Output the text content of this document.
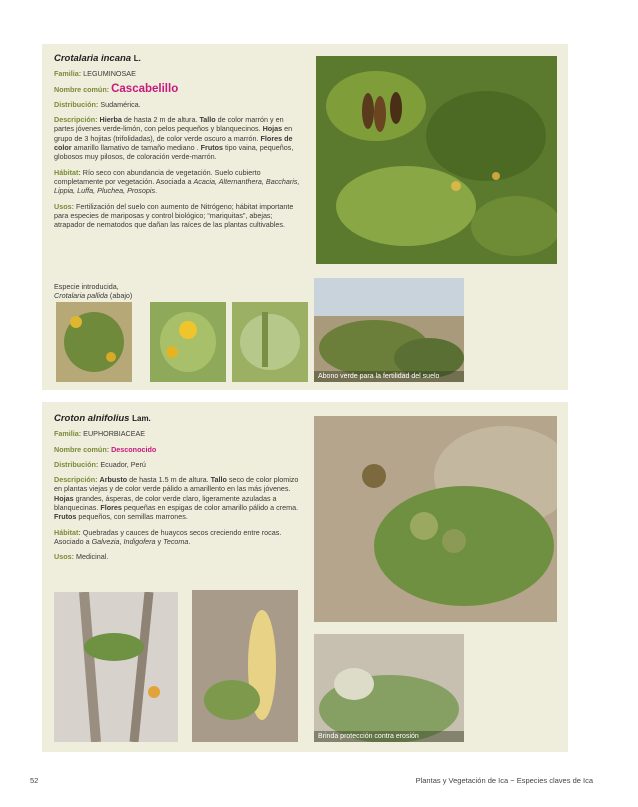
Crotalaria incana L.

Familia: LEGUMINOSAE

Nombre común: Cascabelillo

Distribución: Sudamérica.

Descripción: Hierba de hasta 2 m de altura. Tallo de color marrón y en partes jóvenes verde-limón, con pelos pequeños y blanquecinos. Hojas en grupo de 3 hojitas (trifolidadas), de color verde oscuro a marrón. Flores de color amarillo llamativo de tamaño mediano . Frutos tipo vaina, pequeños, globosos muy pilosos, de coloración verde-marrón.

Hábitat: Río seco con abundancia de vegetación. Suelo cubierto completamente por vegetación. Asociada a Acacia, Alternanthera, Baccharis, Lippia, Luffa, Pluchea, Prosopis.

Usos: Fertilización del suelo con aumento de Nitrógeno; hábitat importante para especies de mariposas y control biológico; “mariquitas”, abejas; atrapador de nematodos que dañan las raíces de las plantas cultivables.

Especie introducida,
Crotalaria pallida (abajo)
Abono verde para la fertilidad del suelo

Croton alnifolius Lam.

Familia: EUPHORBIACEAE

Nombre común: Desconocido

Distribución: Ecuador, Perú

Descripción: Arbusto de hasta 1.5 m de altura. Tallo seco de color plomizo en plantas viejas y de color verde pálido a amarillento en las más jóvenes. Hojas grandes, ásperas, de color verde claro, ligeramente azuladas a blanquecinas. Flores pequeñas en espigas de color amarillo pálido a crema. Frutos pequeños, con semillas marrones.

Hábitat: Quebradas y cauces de huaycos secos creciendo entre rocas. Asociado a Galvezia, Indigofera y Tecoma.

Usos: Medicinal.

Brinda protección contra erosión
52	Plantas y Vegetación de Ica − Especies claves de Ica
